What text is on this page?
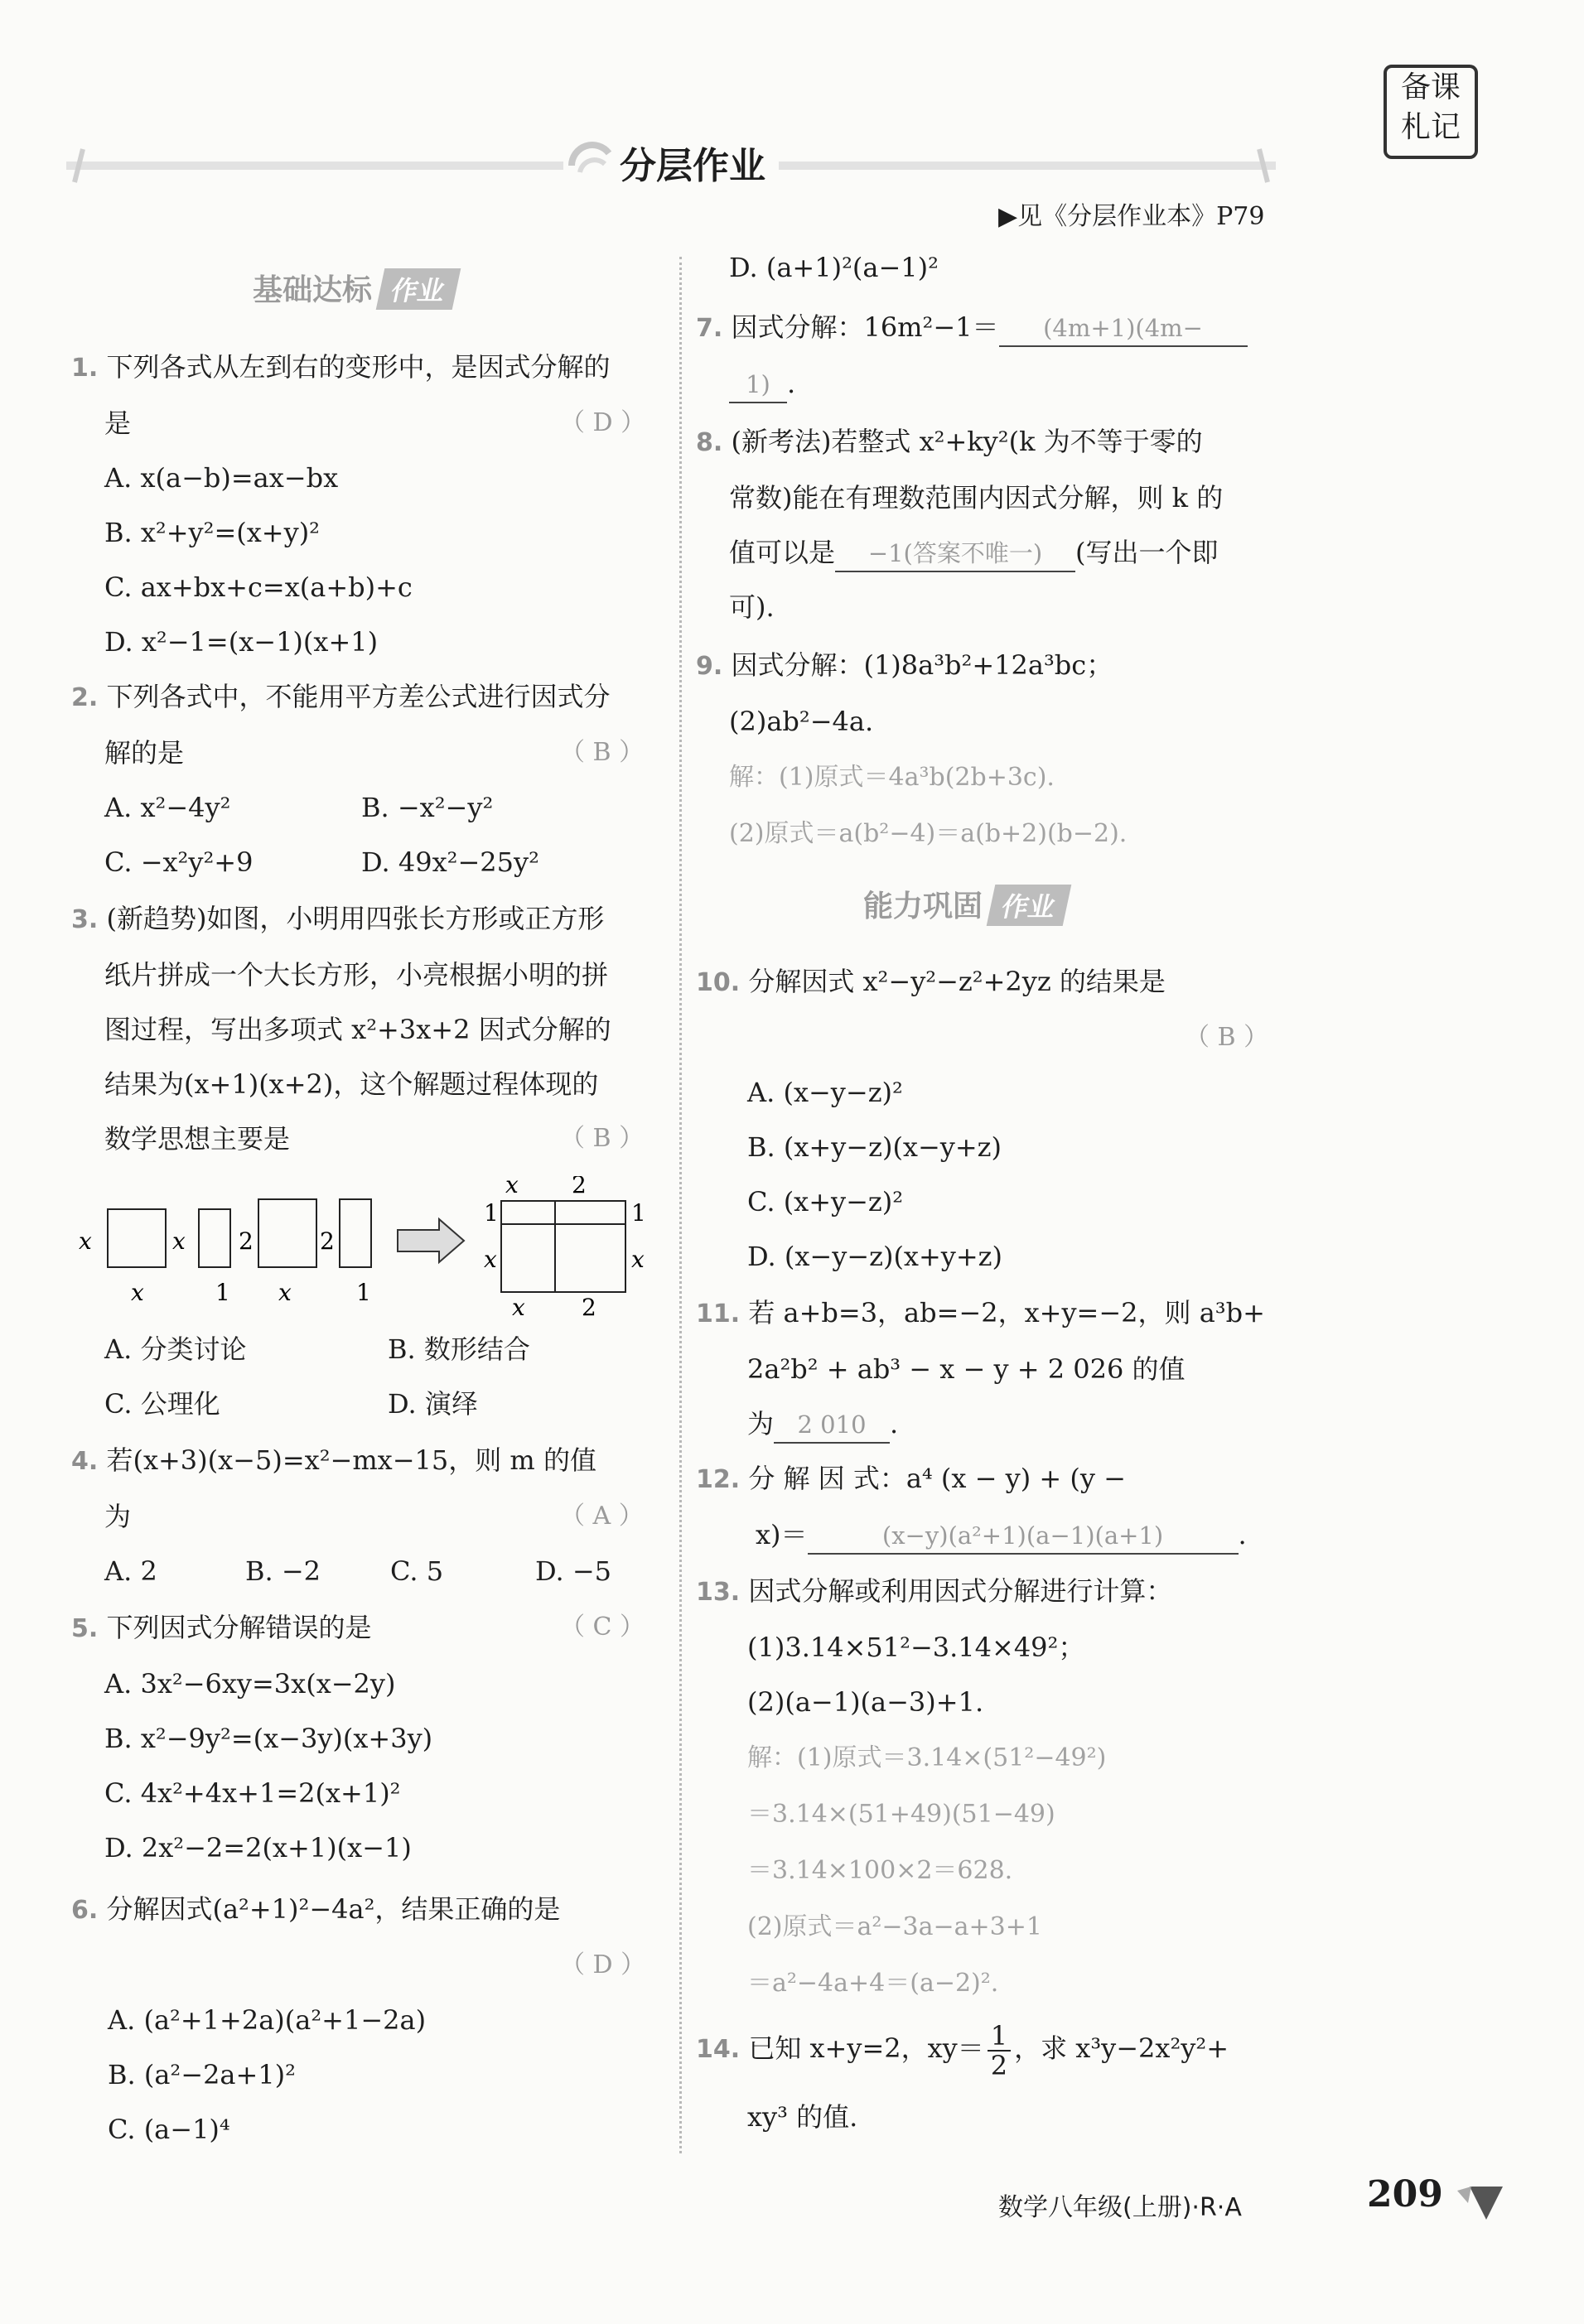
分层作业
▶见《分层作业本》P79
备课
札记
基础达标 作业
1. 下列各式从左到右的变形中，是因式分解的
是	（ D ）

A. x(a−b)=ax−bx
B. x²+y²=(x+y)²
C. ax+bx+c=x(a+b)+c
D. x²−1=(x−1)(x+1)
2. 下列各式中，不能用平方差公式进行因式分
解的是	（ B ）

A. x²−4y²	B. −x²−y²
C. −x²y²+9	D. 49x²−25y²
3. (新趋势)如图，小明用四张长方形或正方形
纸片拼成一个大长方形，小亮根据小明的拼
图过程，写出多项式 x²+3x+2 因式分解的
结果为(x+1)(x+2)，这个解题过程体现的
数学思想主要是	（ B ）
x
x
x
1
2
x
2
1
x 2
1	1
x	x
x 2
A. 分类讨论	B. 数形结合
C. 公理化	D. 演绎
4. 若(x+3)(x−5)=x²−mx−15，则 m 的值
为	（ A ）

A. 2	B. −2	C. 5	D. −5
5. 下列因式分解错误的是	（ C ）

A. 3x²−6xy=3x(x−2y)
B. x²−9y²=(x−3y)(x+3y)
C. 4x²+4x+1=2(x+1)²
D. 2x²−2=2(x+1)(x−1)
6. 分解因式(a²+1)²−4a²，结果正确的是

（ D ）

A. (a²+1+2a)(a²+1−2a)
B. (a²−2a+1)²
C. (a−1)⁴
D. (a+1)²(a−1)²
7. 因式分解：16m²−1＝ (4m+1)(4m−
1) .
8. (新考法)若整式 x²+ky²(k 为不等于零的
常数)能在有理数范围内因式分解，则 k 的
值可以是 −1(答案不唯一) (写出一个即
可).
9. 因式分解：(1)8a³b²+12a³bc；
(2)ab²−4a.
解：(1)原式＝4a³b(2b+3c).
(2)原式＝a(b²−4)＝a(b+2)(b−2).
能力巩固 作业
10. 分解因式 x²−y²−z²+2yz 的结果是

（ B ）

A. (x−y−z)²
B. (x+y−z)(x−y+z)
C. (x+y−z)²
D. (x−y−z)(x+y+z)
11. 若 a+b=3，ab=−2，x+y=−2，则 a³b+
2a²b² + ab³ − x − y + 2 026 的值
为 2 010 .
12. 分 解 因 式：a⁴ (x − y) + (y −
x)＝	(x−y)(a²+1)(a−1)(a+1)	.
13. 因式分解或利用因式分解进行计算：
(1)3.14×51²−3.14×49²；
(2)(a−1)(a−3)+1.
解：(1)原式＝3.14×(51²−49²)
＝3.14×(51+49)(51−49)
＝3.14×100×2＝628.
(2)原式＝a²−3a−a+3+1
＝a²−4a+4＝(a−2)².
14. 已知 x+y=2，$xy= \frac{1}{2}$ ，求 x³y−2x²y²+
xy³ 的值.
数学八年级(上册)·R·A	209
